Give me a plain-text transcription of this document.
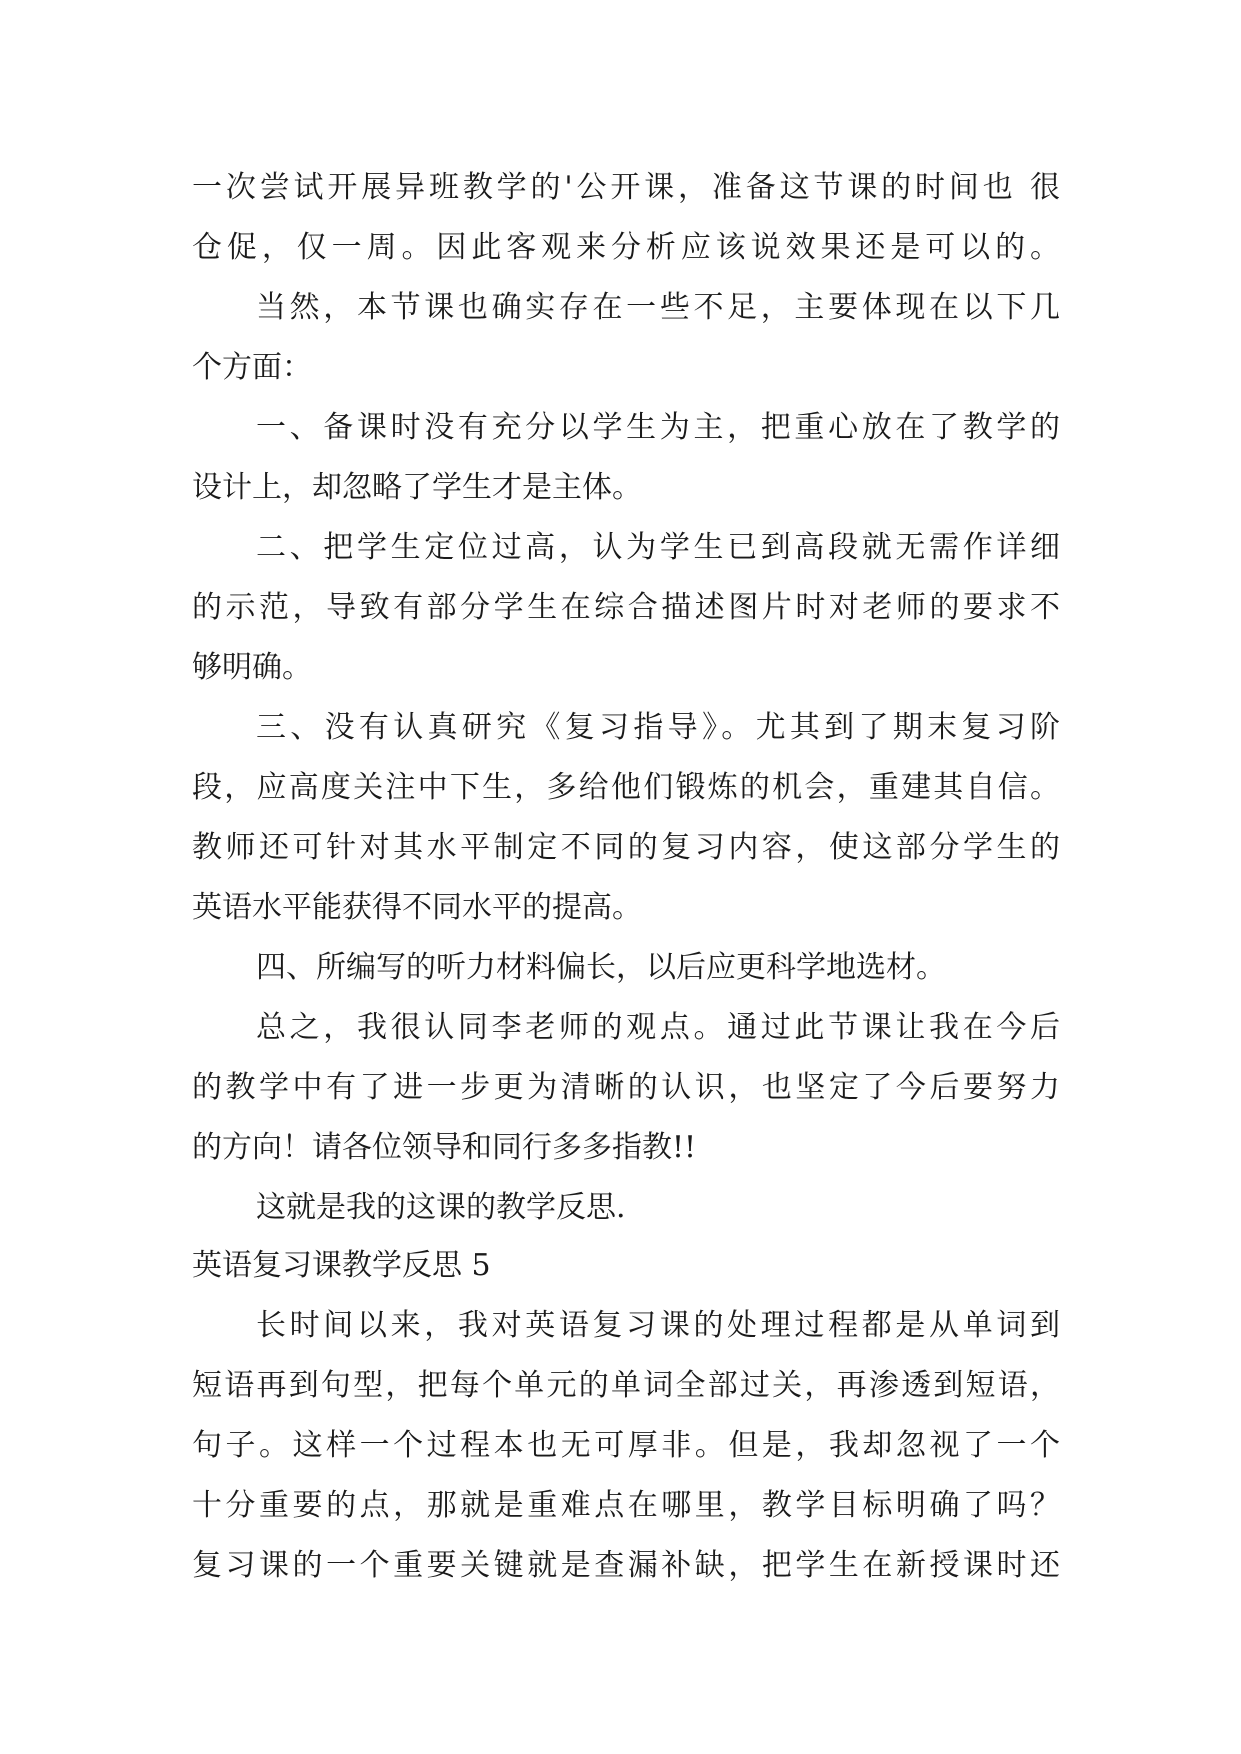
一次尝试开展异班教学的'公开课，准备这节课的时间也 很
仓促，仅一周。因此客观来分析应该说效果还是可以的。
当然，本节课也确实存在一些不足，主要体现在以下几
个方面：
一、备课时没有充分以学生为主，把重心放在了教学的
设计上，却忽略了学生才是主体。
二、把学生定位过高，认为学生已到高段就无需作详细
的示范，导致有部分学生在综合描述图片时对老师的要求不
够明确。
三、没有认真研究《复习指导》。尤其到了期末复习阶
段，应高度关注中下生，多给他们锻炼的机会，重建其自信。
教师还可针对其水平制定不同的复习内容，使这部分学生的
英语水平能获得不同水平的提高。
四、所编写的听力材料偏长，以后应更科学地选材。
总之，我很认同李老师的观点。通过此节课让我在今后
的教学中有了进一步更为清晰的认识，也坚定了今后要努力
的方向！请各位领导和同行多多指教!!
这就是我的这课的教学反思.
英语复习课教学反思 5
长时间以来，我对英语复习课的处理过程都是从单词到
短语再到句型，把每个单元的单词全部过关，再渗透到短语，
句子。这样一个过程本也无可厚非。但是，我却忽视了一个
十分重要的点，那就是重难点在哪里，教学目标明确了吗？
复习课的一个重要关键就是查漏补缺，把学生在新授课时还
